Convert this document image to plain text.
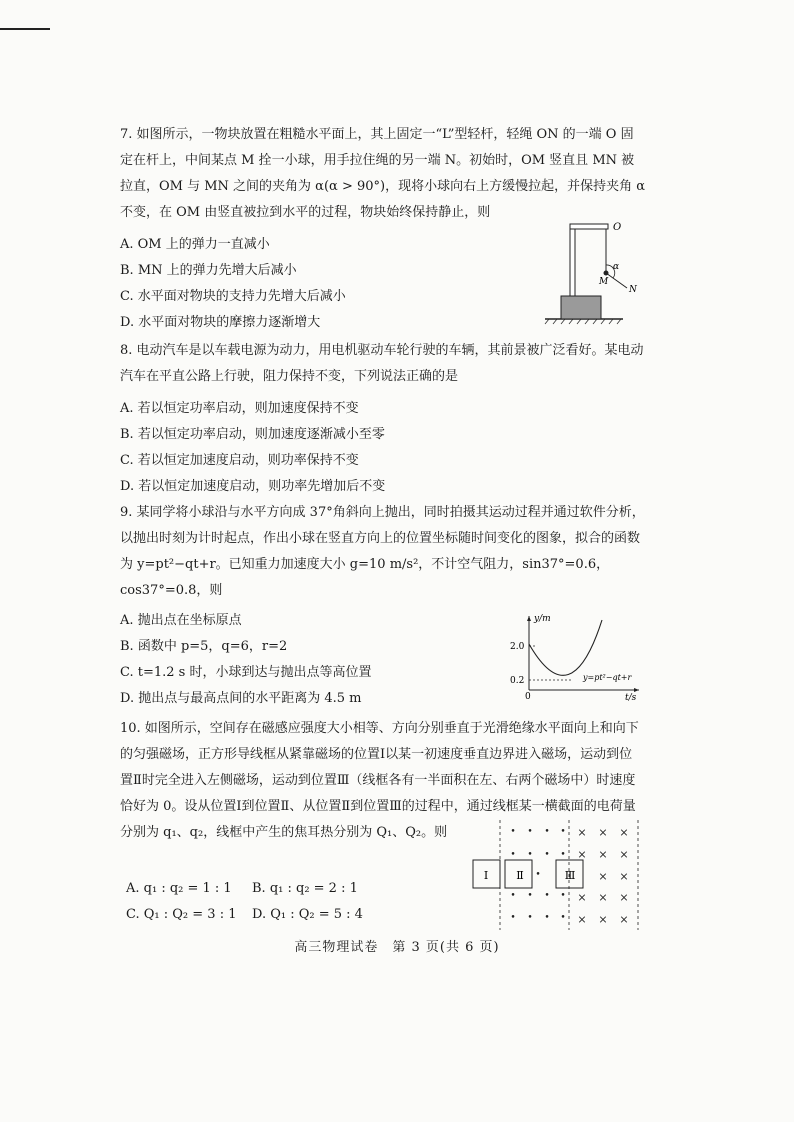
7. 如图所示，一物块放置在粗糙水平面上，其上固定一“L”型轻杆，轻绳 ON 的一端 O 固定在杆上，中间某点 M 拴一小球，用手拉住绳的另一端 N。初始时，OM 竖直且 MN 被拉直，OM 与 MN 之间的夹角为 α(α > 90°)，现将小球向右上方缓慢拉起，并保持夹角 α 不变，在 OM 由竖直被拉到水平的过程，物块始终保持静止，则
A. OM 上的弹力一直减小
B. MN 上的弹力先增大后减小
C. 水平面对物块的支持力先增大后减小
D. 水平面对物块的摩擦力逐渐增大
O
α
M
N
8. 电动汽车是以车载电源为动力，用电机驱动车轮行驶的车辆，其前景被广泛看好。某电动汽车在平直公路上行驶，阻力保持不变，下列说法正确的是
A. 若以恒定功率启动，则加速度保持不变
B. 若以恒定功率启动，则加速度逐渐减小至零
C. 若以恒定加速度启动，则功率保持不变
D. 若以恒定加速度启动，则功率先增加后不变
9. 某同学将小球沿与水平方向成 37°角斜向上抛出，同时拍摄其运动过程并通过软件分析，以抛出时刻为计时起点，作出小球在竖直方向上的位置坐标随时间变化的图象，拟合的函数为 y=pt²−qt+r。已知重力加速度大小 g=10 m/s²，不计空气阻力，sin37°=0.6，cos37°=0.8，则
A. 抛出点在坐标原点
B. 函数中 p=5，q=6，r=2
C. t=1.2 s 时，小球到达与抛出点等高位置
D. 抛出点与最高点间的水平距离为 4.5 m
y/m
2.0
0.2
0	t/s
y=pt²−qt+r
10. 如图所示，空间存在磁感应强度大小相等、方向分别垂直于光滑绝缘水平面向上和向下的匀强磁场，正方形导线框从紧靠磁场的位置Ⅰ以某一初速度垂直边界进入磁场，运动到位置Ⅱ时完全进入左侧磁场，运动到位置Ⅲ（线框各有一半面积在左、右两个磁场中）时速度恰好为 0。设从位置Ⅰ到位置Ⅱ、从位置Ⅱ到位置Ⅲ的过程中，通过线框某一横截面的电荷量分别为 q₁、q₂，线框中产生的焦耳热分别为 Q₁、Q₂。则
A. q₁ : q₂ = 1 : 1 B. q₁ : q₂ = 2 : 1
C. Q₁ : Q₂ = 3 : 1 D. Q₁ : Q₂ = 5 : 4
• • • •
• • • •
•
• • • •
• • • •
× × ×
× × ×
× ×
× × ×
× × ×
Ⅰ	Ⅱ	Ⅲ
高三物理试卷　第 3 页(共 6 页)
